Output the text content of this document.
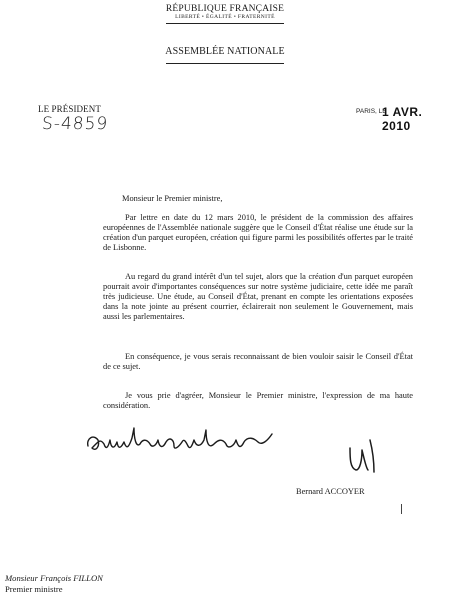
RÉPUBLIQUE FRANÇAISE
LIBERTÉ • ÉGALITÉ • FRATERNITÉ
ASSEMBLÉE NATIONALE
LE PRÉSIDENT
S-4859
PARIS, LE
1 AVR. 2010
Monsieur le Premier ministre,

Par lettre en date du 12 mars 2010, le président de la commission des affaires européennes de l'Assemblée nationale suggère que le Conseil d'État réalise une étude sur la création d'un parquet européen, création qui figure parmi les possibilités offertes par le traité de Lisbonne.

Au regard du grand intérêt d'un tel sujet, alors que la création d'un parquet européen pourrait avoir d'importantes conséquences sur notre système judiciaire, cette idée me paraît très judicieuse. Une étude, au Conseil d'État, prenant en compte les orientations exposées dans la note jointe au présent courrier, éclairerait non seulement le Gouvernement, mais aussi les parlementaires.

En conséquence, je vous serais reconnaissant de bien vouloir saisir le Conseil d'État de ce sujet.

Je vous prie d'agréer, Monsieur le Premier ministre, l'expression de ma haute considération.

Bernard ACCOYER
Monsieur François FILLON
Premier ministre
